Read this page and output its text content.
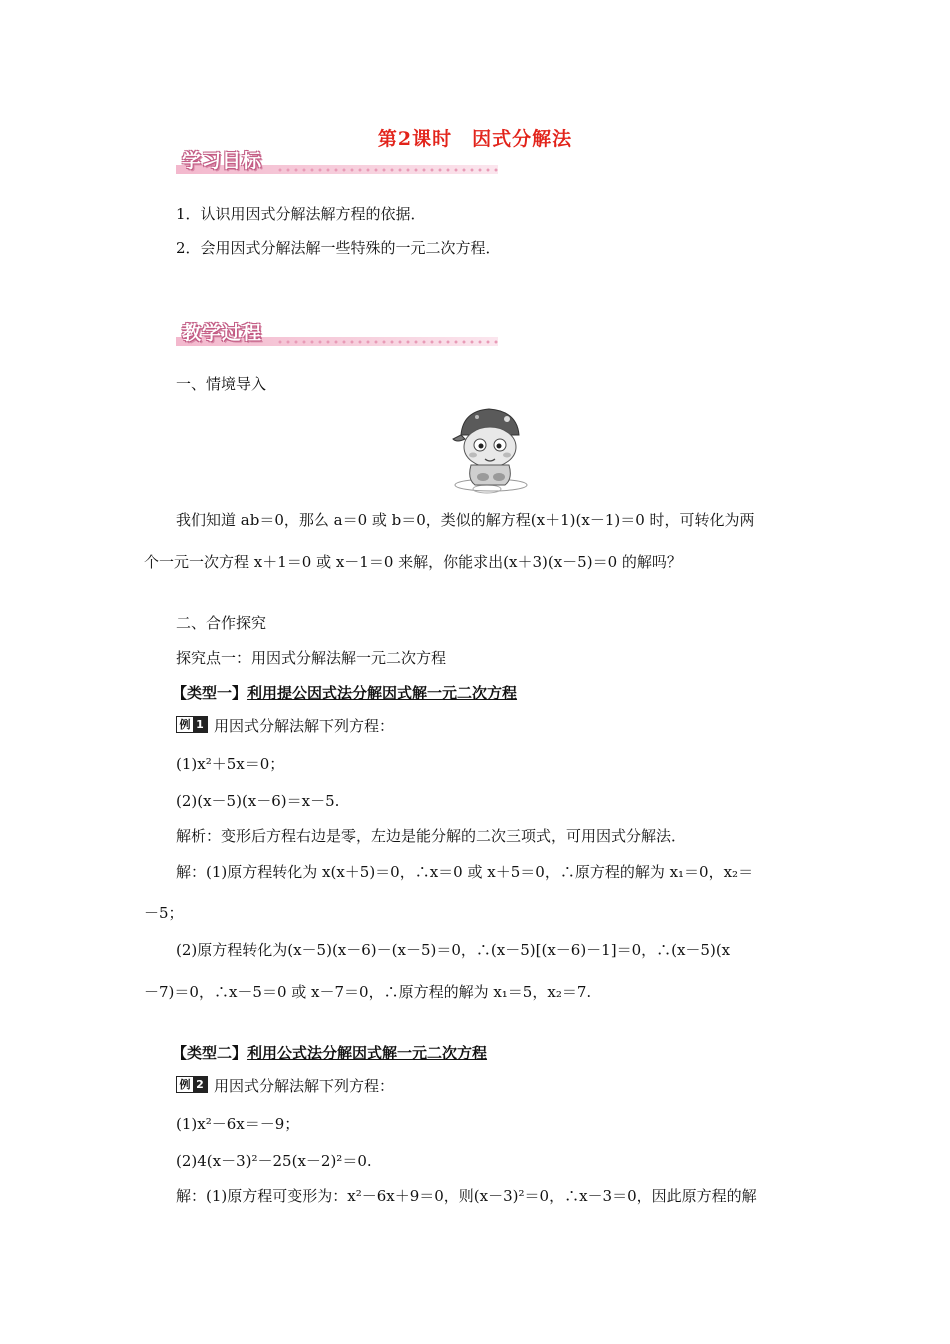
第2课时　因式分解法
学习目标
1．认识用因式分解法解方程的依据．
2．会用因式分解法解一些特殊的一元二次方程．
教学过程
一、情境导入
我们知道 ab＝0，那么 a＝0 或 b＝0，类似的解方程(x＋1)(x－1)＝0 时，可转化为两
个一元一次方程 x＋1＝0 或 x－1＝0 来解，你能求出(x＋3)(x－5)＝0 的解吗？
二、合作探究
探究点一：用因式分解法解一元二次方程
【类型一】利用提公因式法分解因式解一元二次方程
例 1 用因式分解法解下列方程：
(1)x²＋5x＝0；
(2)(x－5)(x－6)＝x－5.
解析：变形后方程右边是零，左边是能分解的二次三项式，可用因式分解法．
解：(1)原方程转化为 x(x＋5)＝0，∴x＝0 或 x＋5＝0，∴原方程的解为 x₁＝0，x₂＝
－5；
(2)原方程转化为(x－5)(x－6)－(x－5)＝0，∴(x－5)[(x－6)－1]＝0，∴(x－5)(x
－7)＝0，∴x－5＝0 或 x－7＝0，∴原方程的解为 x₁＝5，x₂＝7.
【类型二】利用公式法分解因式解一元二次方程
例 2 用因式分解法解下列方程：
(1)x²－6x＝－9；
(2)4(x－3)²－25(x－2)²＝0.
解：(1)原方程可变形为：x²－6x＋9＝0，则(x－3)²＝0，∴x－3＝0，因此原方程的解
